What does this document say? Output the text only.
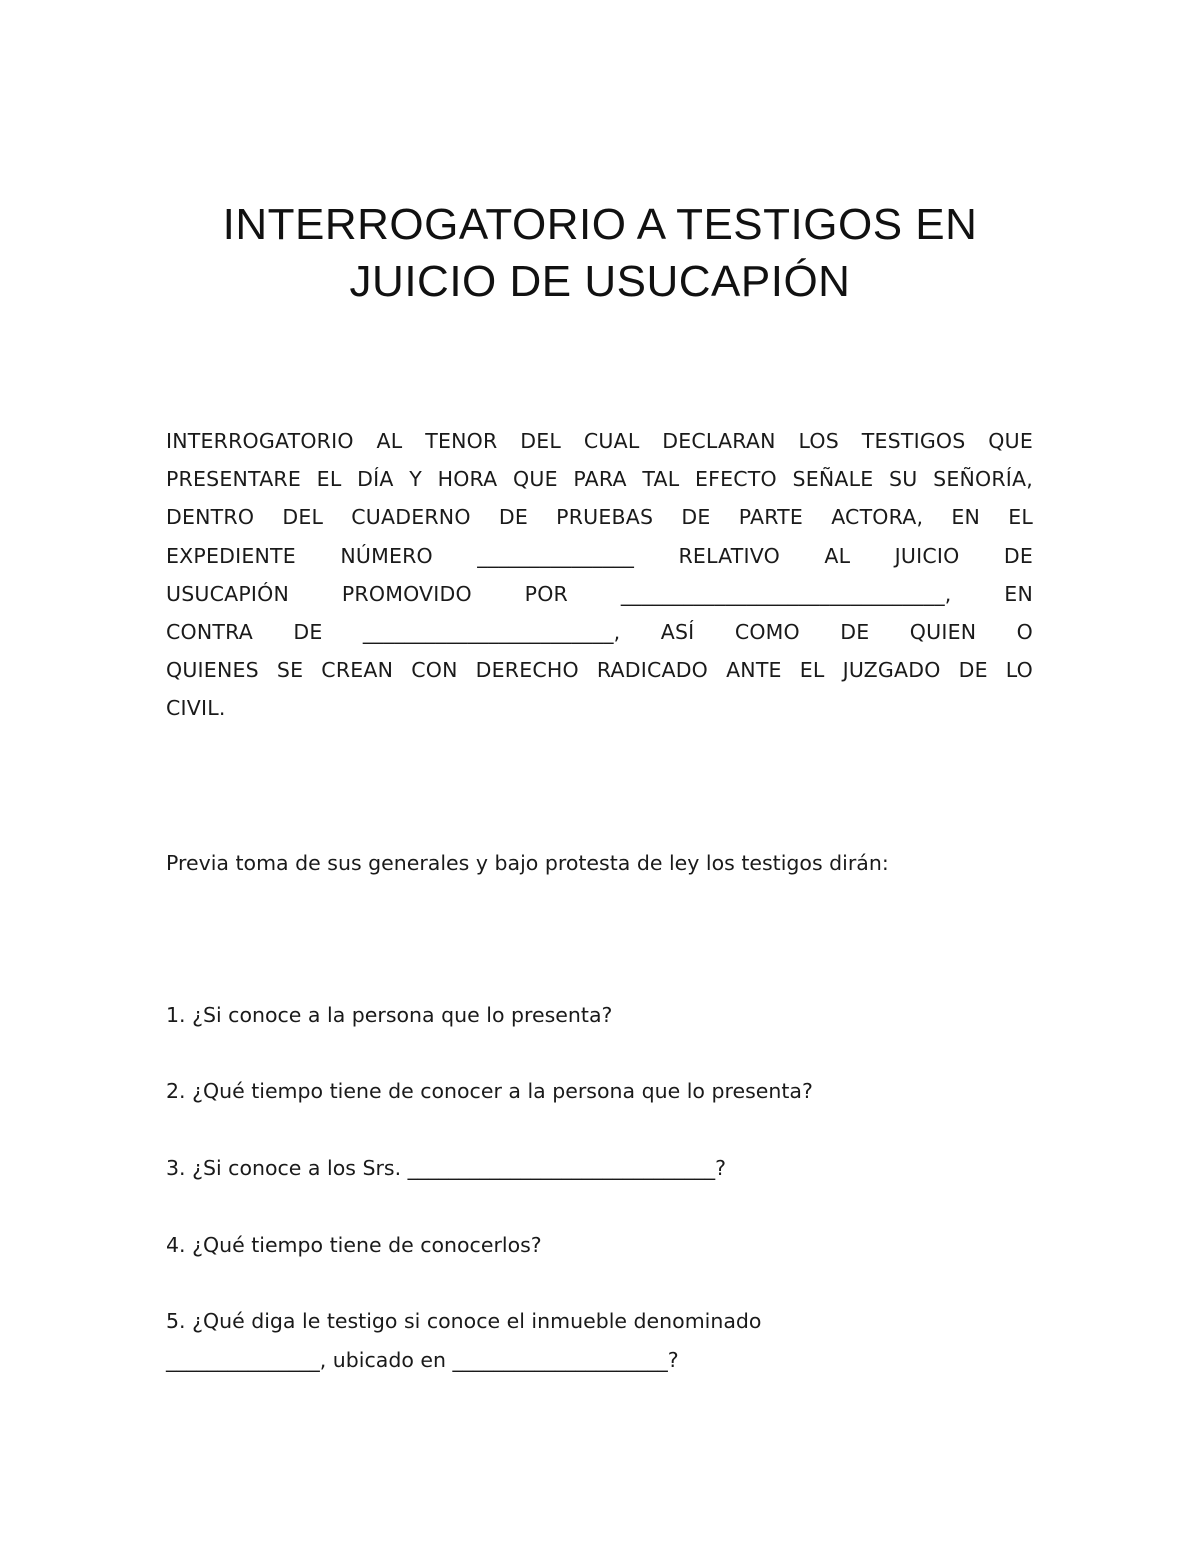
INTERROGATORIO A TESTIGOS EN
JUICIO DE USUCAPIÓN
INTERROGATORIO AL TENOR DEL CUAL DECLARAN LOS TESTIGOS QUE
PRESENTARE EL DÍA Y HORA QUE PARA TAL EFECTO SEÑALE SU SEÑORÍA,
DENTRO DEL CUADERNO DE PRUEBAS DE PARTE ACTORA, EN EL
EXPEDIENTE NÚMERO _______________ RELATIVO AL JUICIO DE
USUCAPIÓN PROMOVIDO POR _______________________________, EN
CONTRA DE ________________________, ASÍ COMO DE QUIEN O
QUIENES SE CREAN CON DERECHO RADICADO ANTE EL JUZGADO DE LO
CIVIL.
Previa toma de sus generales y bajo protesta de ley los testigos dirán:
1. ¿Si conoce a la persona que lo presenta?
2. ¿Qué tiempo tiene de conocer a la persona que lo presenta?
3. ¿Si conoce a los Srs. ______________________________?
4. ¿Qué tiempo tiene de conocerlos?
5. ¿Qué diga le testigo si conoce el inmueble denominado
_______________, ubicado en _____________________?
